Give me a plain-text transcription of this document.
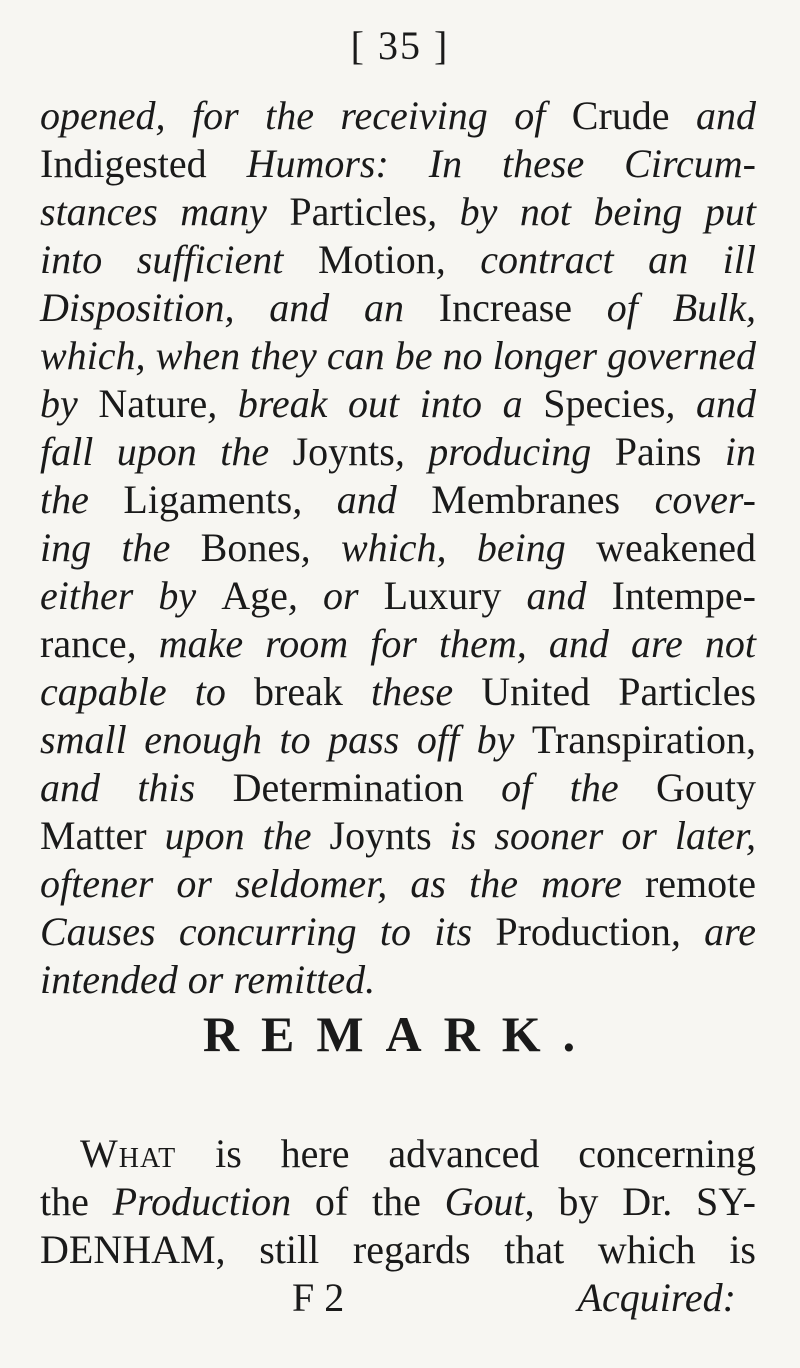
[ 35 ]
opened, for the receiving of Crude and
Indigested Humors: In these Circum-
stances many Particles, by not being put
into sufficient Motion, contract an ill
Disposition, and an Increase of Bulk,
which, when they can be no longer governed
by Nature, break out into a Species, and
fall upon the Joynts, producing Pains in
the Ligaments, and Membranes cover-
ing the Bones, which, being weakened
either by Age, or Luxury and Intempe-
rance, make room for them, and are not
capable to break these United Particles
small enough to pass off by Transpiration,
and this Determination of the Gouty
Matter upon the Joynts is sooner or later,
oftener or seldomer, as the more remote
Causes concurring to its Production, are
intended or remitted.
REMARK.
What is here advanced concerning
the Production of the Gout, by Dr. SY-
DENHAM, still regards that which is
F 2	Acquired:
